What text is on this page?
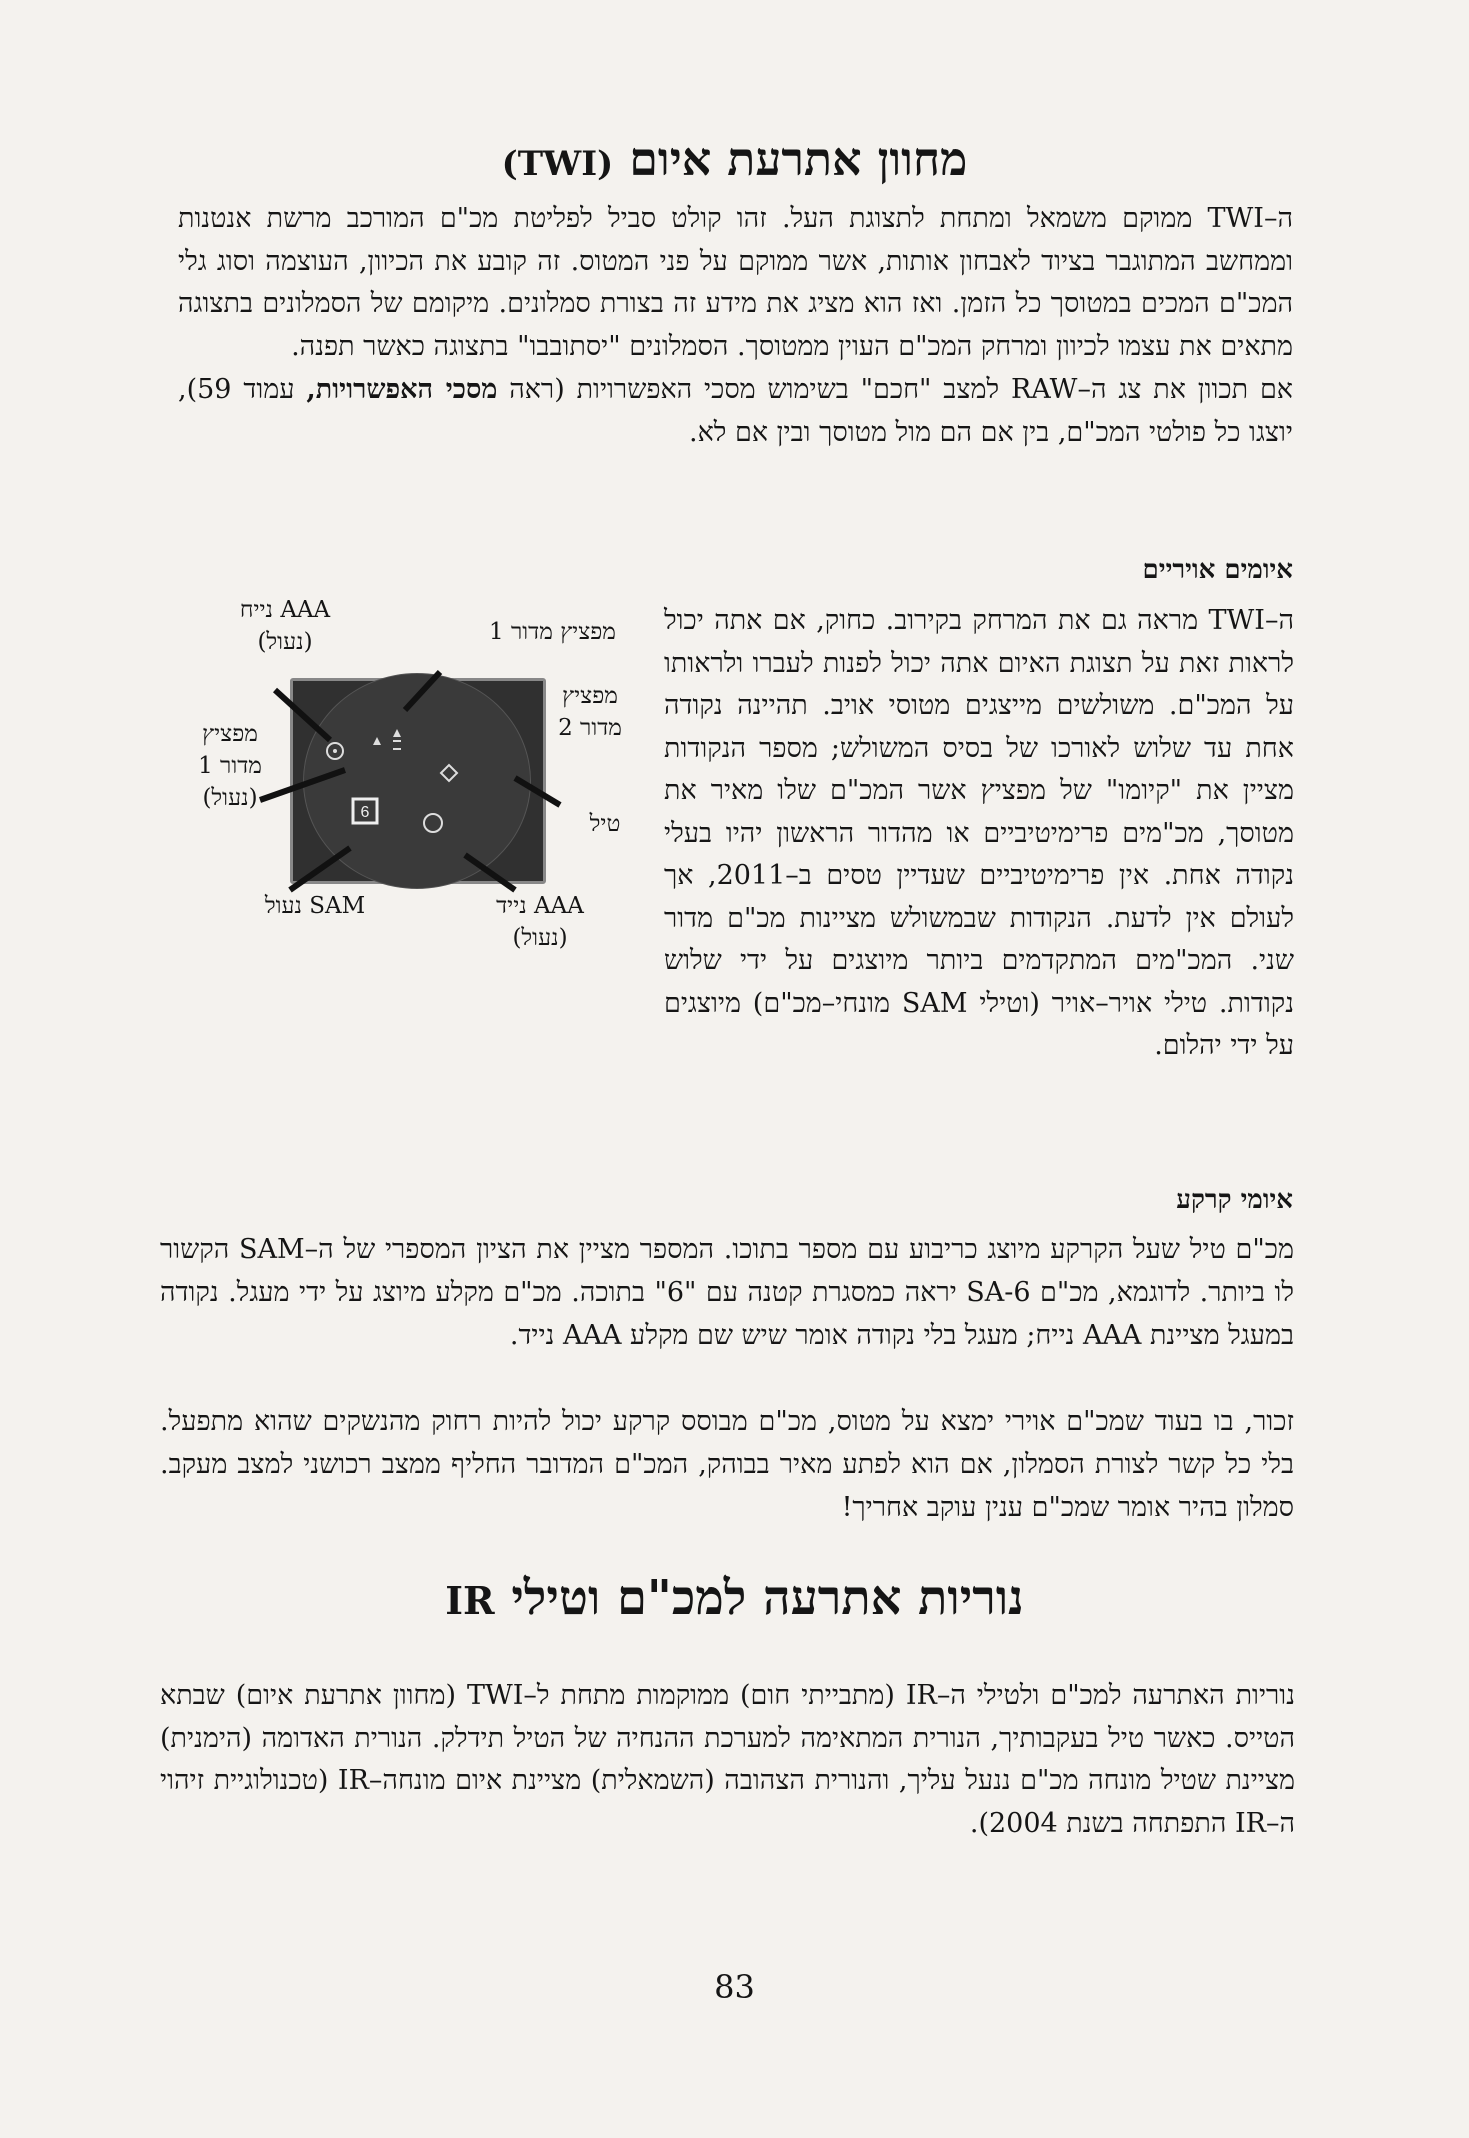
מחוון אתרעת איום (TWI)
ה–TWI ממוקם משמאל ומתחת לתצוגת העל. זהו קולט סביל לפליטת מכ"ם המורכב מרשת אנטנות וממחשב המתוגבר בציוד לאבחון אותות, אשר ממוקם על פני המטוס. זה קובע את הכיוון, העוצמה וסוג גלי המכ"ם המכים במטוסך כל הזמן. ואז הוא מציג את מידע זה בצורת סמלונים. מיקומם של הסמלונים בתצוגה מתאים את עצמו לכיוון ומרחק המכ"ם העוין ממטוסך. הסמלונים "יסתובבו" בתצוגה כאשר תפנה.
אם תכוון את צג ה–RAW למצב "חכם" בשימוש מסכי האפשרויות (ראה מסכי האפשרויות, עמוד 59), יוצגו כל פולטי המכ"ם, בין אם הם מול מטוסך ובין אם לא.
איומים אויריים
ה–TWI מראה גם את המרחק בקירוב. כחוק, אם אתה יכול לראות זאת על תצוגת האיום אתה יכול לפנות לעברו ולראותו על המכ"ם. משולשים מייצגים מטוסי אויב. תהיינה נקודה אחת עד שלוש לאורכו של בסיס המשולש; מספר הנקודות מציין את "קיומו" של מפציץ אשר המכ"ם שלו מאיר את מטוסך, מכ"מים פרימיטיביים או מהדור הראשון יהיו בעלי נקודה אחת. אין פרימיטיביים שעדיין טסים ב–2011, אך לעולם אין לדעת. הנקודות שבמשולש מציינות מכ"ם מדור שני. המכ"מים המתקדמים ביותר מיוצגים על ידי שלוש נקודות. טילי אויר–אויר (וטילי SAM מונחי–מכ"ם) מיוצגים על ידי יהלום.
6
AAA נייח
(נעול)	מפציץ מדור 1
מפציץ
מדור 2
מפציץ
מדור 1
(נעול)
טיל
SAM נעול	AAA נייד
(נעול)
איומי קרקע
מכ"ם טיל שעל הקרקע מיוצג כריבוע עם מספר בתוכו. המספר מציין את הציון המספרי של ה–SAM הקשור לו ביותר. לדוגמא, מכ"ם SA-6 יראה כמסגרת קטנה עם "6" בתוכה. מכ"ם מקלע מיוצג על ידי מעגל. נקודה במעגל מציינת AAA נייח; מעגל בלי נקודה אומר שיש שם מקלע AAA נייד.
זכור, בו בעוד שמכ"ם אוירי ימצא על מטוס, מכ"ם מבוסס קרקע יכול להיות רחוק מהנשקים שהוא מתפעל. בלי כל קשר לצורת הסמלון, אם הוא לפתע מאיר בבוהק, המכ"ם המדובר החליף ממצב רכושני למצב מעקב. סמלון בהיר אומר שמכ"ם ענין עוקב אחריך!
נוריות אתרעה למכ"ם וטילי IR
נוריות האתרעה למכ"ם ולטילי ה–IR (מתבייתי חום) ממוקמות מתחת ל–TWI (מחוון אתרעת איום) שבתא הטייס. כאשר טיל בעקבותיך, הנורית המתאימה למערכת ההנחיה של הטיל תידלק. הנורית האדומה (הימנית) מציינת שטיל מונחה מכ"ם ננעל עליך, והנורית הצהובה (השמאלית) מציינת איום מונחה–IR (טכנולוגיית זיהוי ה–IR התפתחה בשנת 2004).
83
